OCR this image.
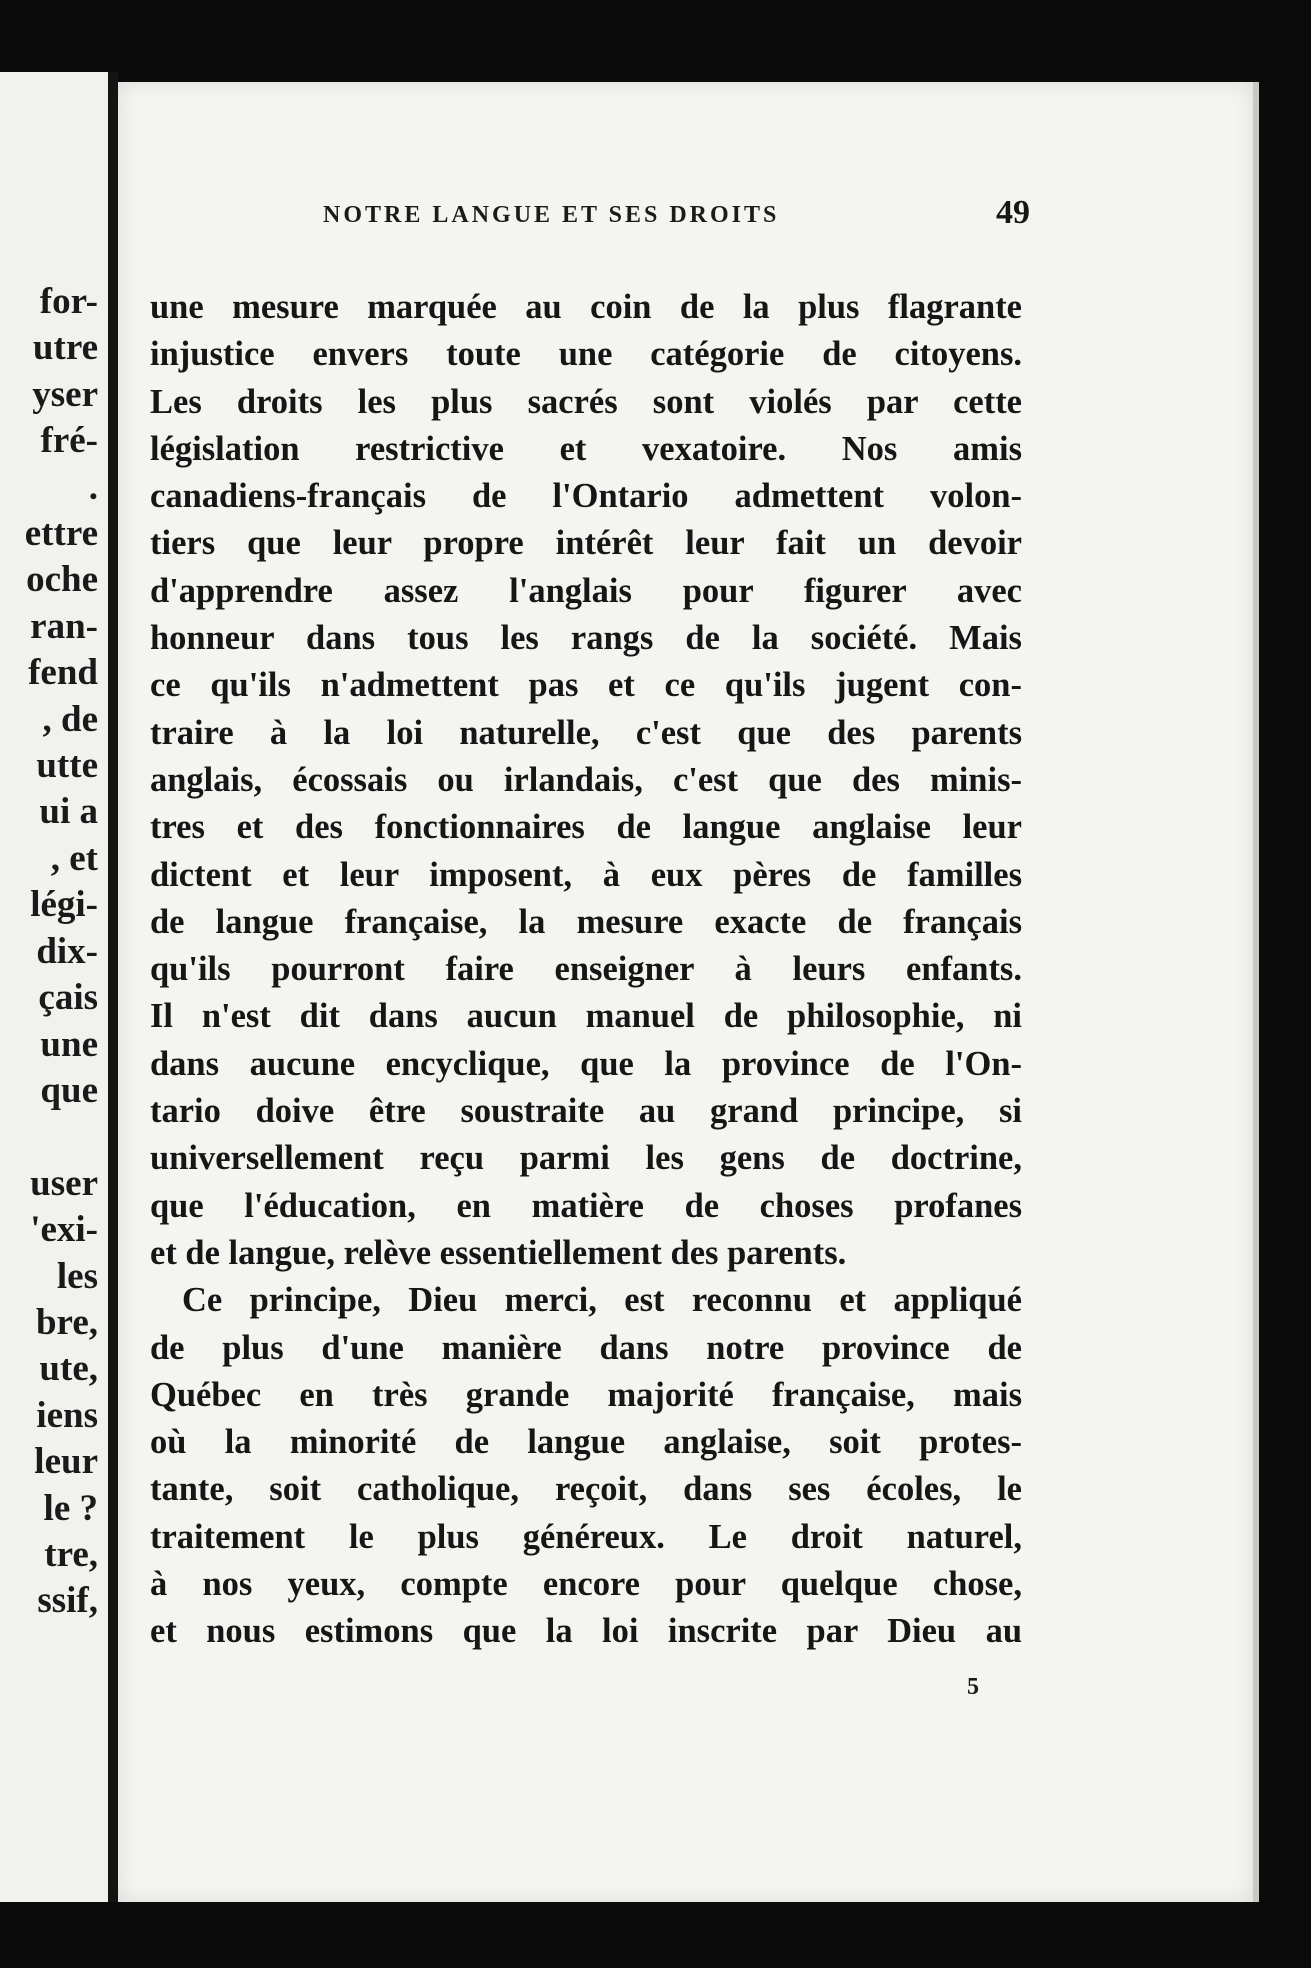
for-
utre
yser
fré-
.
ettre
oche
ran-
fend
, de
utte
ui a
, et
légi-
dix-
çais
une
que

user
'exi-
les
bre,
ute,
iens
leur
le ?
tre,
ssif,
NOTRE LANGUE ET SES DROITS	49
une mesure marquée au coin de la plus flagrante
injustice envers toute une catégorie de citoyens.
Les droits les plus sacrés sont violés par cette
législation restrictive et vexatoire. Nos amis
canadiens-français de l'Ontario admettent volon-
tiers que leur propre intérêt leur fait un devoir
d'apprendre assez l'anglais pour figurer avec
honneur dans tous les rangs de la société. Mais
ce qu'ils n'admettent pas et ce qu'ils jugent con-
traire à la loi naturelle, c'est que des parents
anglais, écossais ou irlandais, c'est que des minis-
tres et des fonctionnaires de langue anglaise leur
dictent et leur imposent, à eux pères de familles
de langue française, la mesure exacte de français
qu'ils pourront faire enseigner à leurs enfants.
Il n'est dit dans aucun manuel de philosophie, ni
dans aucune encyclique, que la province de l'On-
tario doive être soustraite au grand principe, si
universellement reçu parmi les gens de doctrine,
que l'éducation, en matière de choses profanes
et de langue, relève essentiellement des parents.
Ce principe, Dieu merci, est reconnu et appliqué
de plus d'une manière dans notre province de
Québec en très grande majorité française, mais
où la minorité de langue anglaise, soit protes-
tante, soit catholique, reçoit, dans ses écoles, le
traitement le plus généreux. Le droit naturel,
à nos yeux, compte encore pour quelque chose,
et nous estimons que la loi inscrite par Dieu au
5
